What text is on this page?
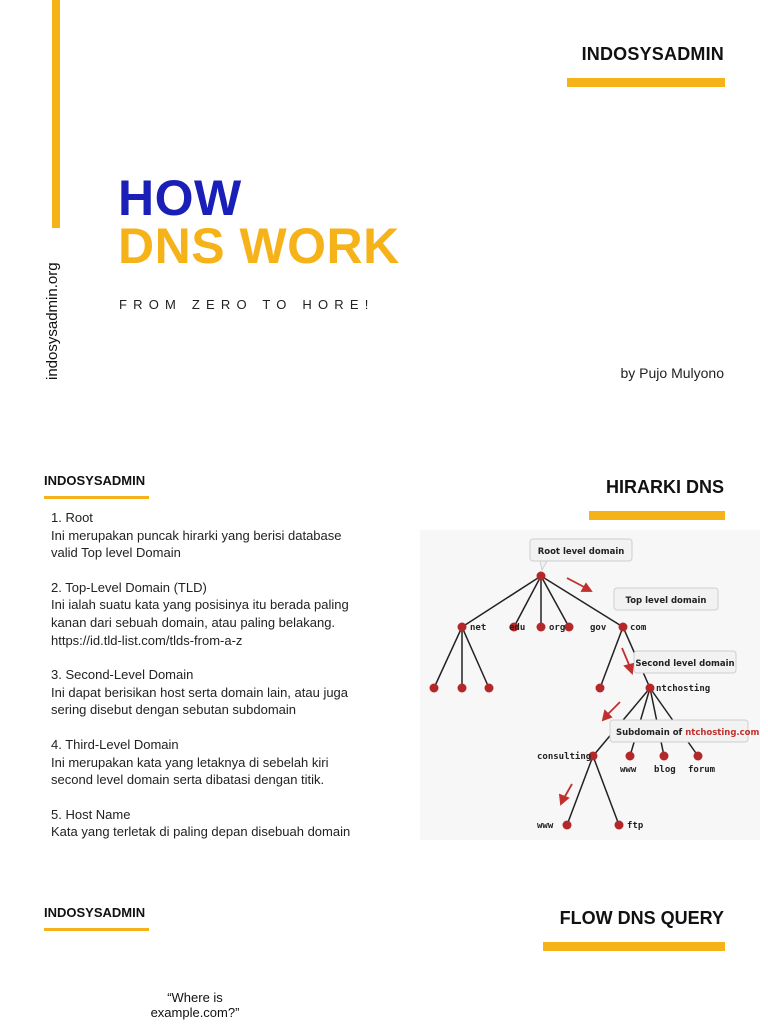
indosysadmin.org
INDOSYSADMIN
HOW
DNS WORK
FROM ZERO TO HORE!
by Pujo Mulyono
INDOSYSADMIN	HIRARKI DNS
1. Root
Ini merupakan puncak hirarki yang berisi database
valid Top level Domain
2. Top-Level Domain (TLD)
Ini ialah suatu kata yang posisinya itu berada paling
kanan dari sebuah domain, atau paling belakang.
https://id.tld-list.com/tlds-from-a-z
3. Second-Level Domain
Ini dapat berisikan host serta domain lain, atau juga
sering disebut dengan sebutan subdomain
4. Third-Level Domain
Ini merupakan kata yang letaknya di sebelah kiri
second level domain serta dibatasi dengan titik.
5. Host Name
Kata yang terletak di paling depan disebuah domain
Root level domain
Top level domain
Second level domain
Subdomain of ntchosting.com
net	edu	org	gov	com
ntchosting
consulting
www blog forum
www	ftp
INDOSYSADMIN	FLOW DNS QUERY
“Where is
example.com?”
